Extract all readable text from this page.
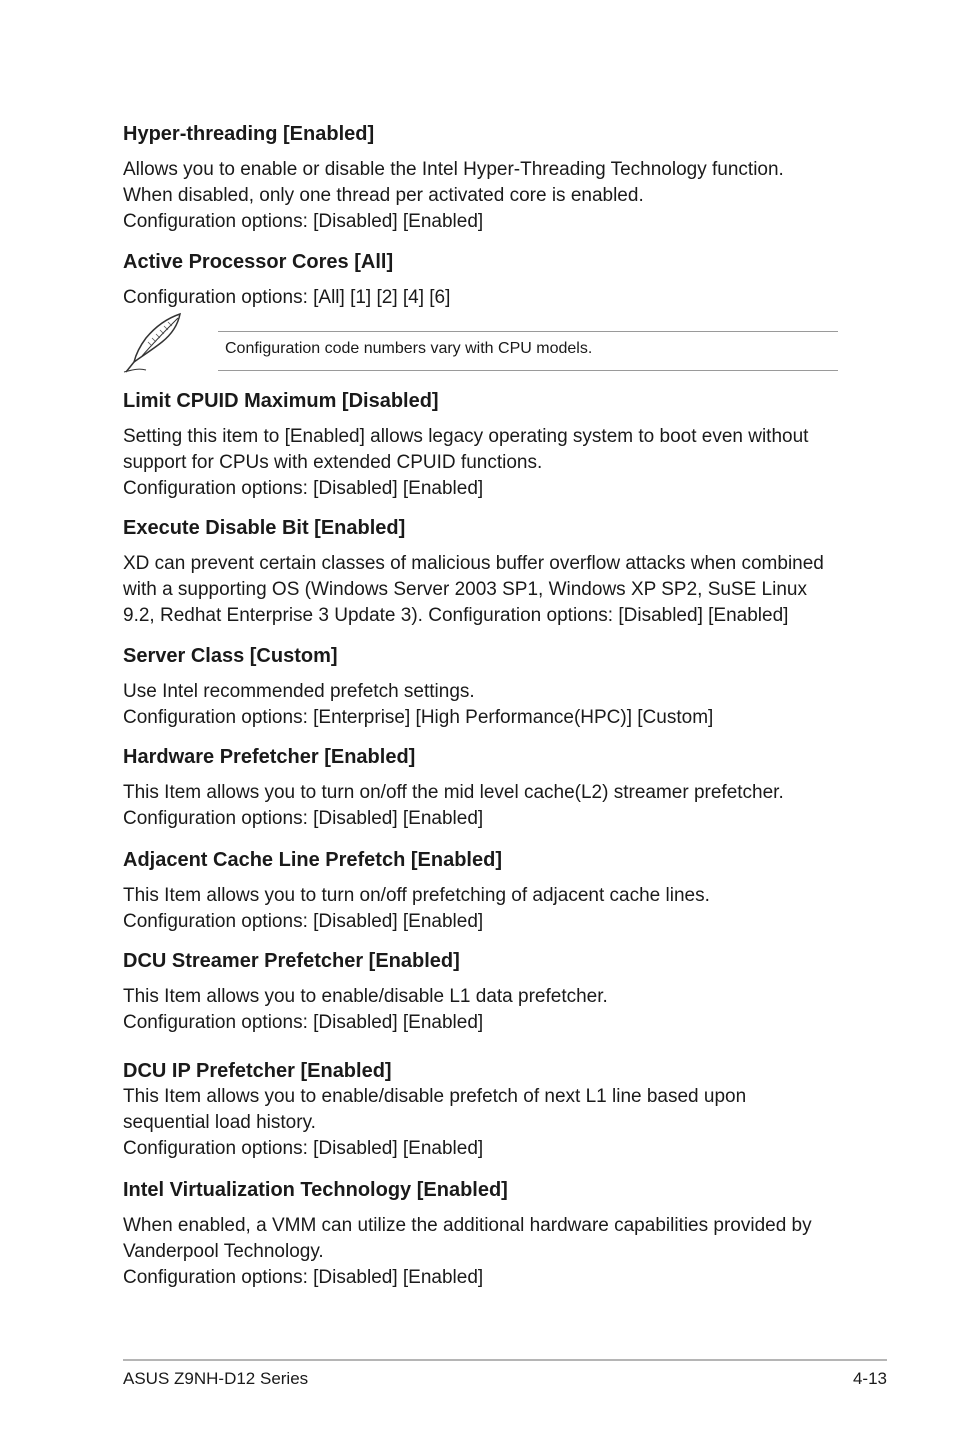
Hyper-threading [Enabled]

Allows you to enable or disable the Intel Hyper-Threading Technology function.

When disabled, only one thread per activated core is enabled.

Configuration options: [Disabled] [Enabled]

Active Processor Cores [All]

Configuration options: [All] [1] [2] [4] [6]

Configuration code numbers vary with CPU models.

Limit CPUID Maximum [Disabled]

Setting this item to [Enabled] allows legacy operating system to boot even without

support for CPUs with extended CPUID functions.

Configuration options: [Disabled] [Enabled]

Execute Disable Bit [Enabled]

XD can prevent certain classes of malicious buffer overflow attacks when combined

with a supporting OS (Windows Server 2003 SP1, Windows XP SP2, SuSE Linux

9.2, Redhat Enterprise 3 Update 3). Configuration options: [Disabled] [Enabled]

Server Class [Custom]

Use Intel recommended prefetch settings.

Configuration options: [Enterprise] [High Performance(HPC)] [Custom]

Hardware Prefetcher [Enabled]

This Item allows you to turn on/off the mid level cache(L2) streamer prefetcher.

Configuration options: [Disabled] [Enabled]

Adjacent Cache Line Prefetch [Enabled]

This Item allows you to turn on/off prefetching of adjacent cache lines.

Configuration options: [Disabled] [Enabled]

DCU Streamer Prefetcher [Enabled]

This Item allows you to enable/disable L1 data prefetcher.

Configuration options: [Disabled] [Enabled]

DCU IP Prefetcher [Enabled]

This Item allows you to enable/disable prefetch of next L1 line based upon

sequential load history.

Configuration options: [Disabled] [Enabled]

Intel Virtualization Technology [Enabled]

When enabled, a VMM can utilize the additional hardware capabilities provided by

Vanderpool Technology.

Configuration options: [Disabled] [Enabled]

ASUS Z9NH-D12 Series	4-13
